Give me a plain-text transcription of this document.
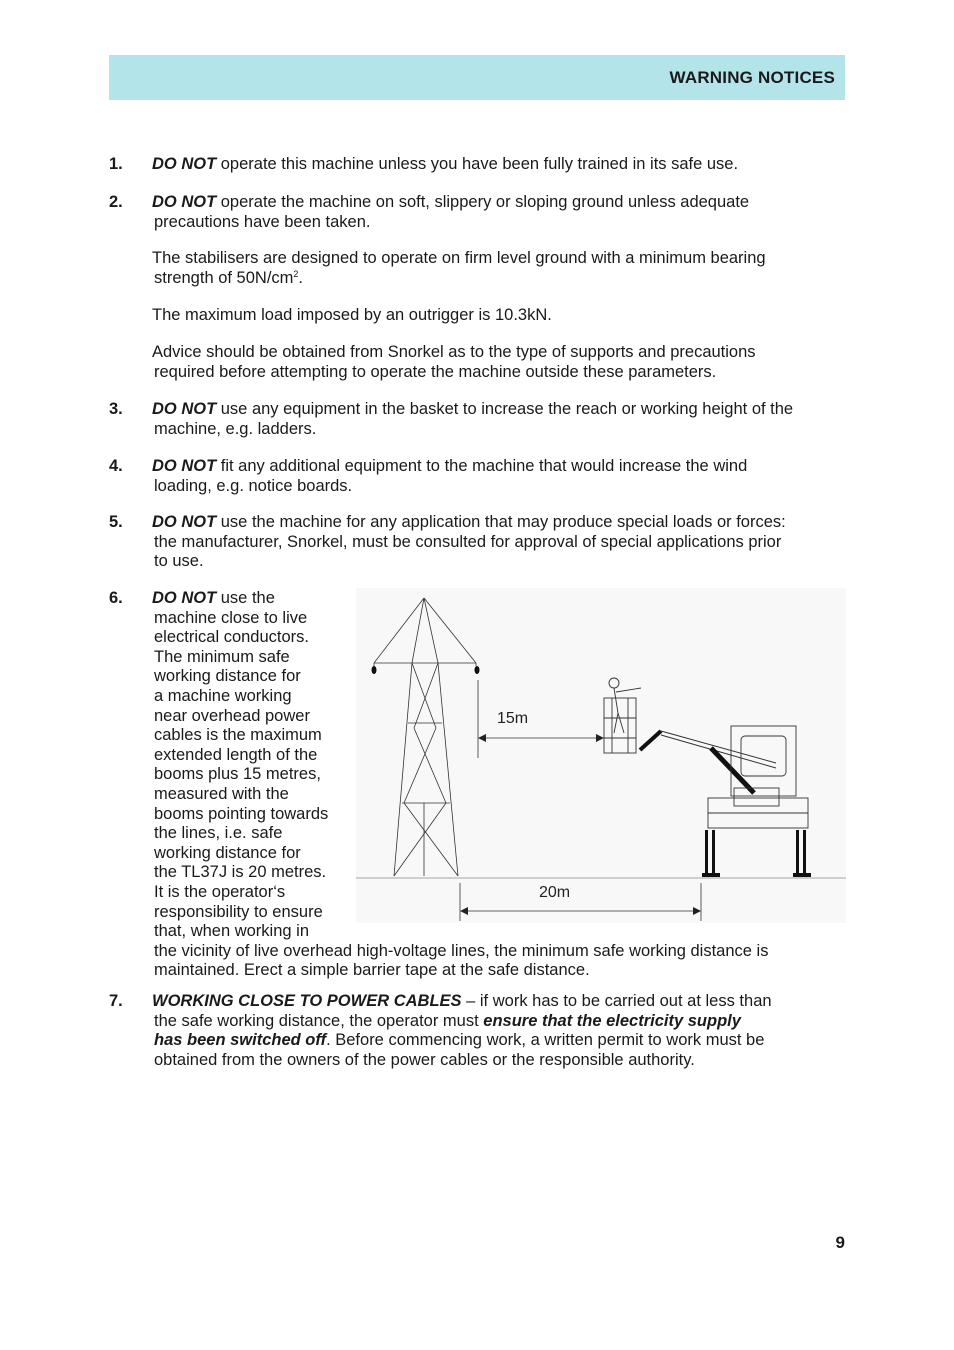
WARNING NOTICES
1. DO NOT operate this machine unless you have been fully trained in its safe use.
2. DO NOT operate the machine on soft, slippery or sloping ground unless adequate
precautions have been taken.
The stabilisers are designed to operate on firm level ground with a minimum bearing
strength of $50N/cm^2$.
The maximum load imposed by an outrigger is 10.3kN.
Advice should be obtained from Snorkel as to the type of supports and precautions
required before attempting to operate the machine outside these parameters.
3. DO NOT use any equipment in the basket to increase the reach or working height of the
machine, e.g. ladders.
4. DO NOT fit any additional equipment to the machine that would increase the wind
loading, e.g. notice boards.
5. DO NOT use the machine for any application that may produce special loads or forces:
the manufacturer, Snorkel, must be consulted for approval of special applications prior
to use.
6. DO NOT use the
machine close to live
electrical conductors.
The minimum safe
working distance for
a machine working
near overhead power
cables is the maximum
extended length of the
booms plus 15 metres,
measured with the
booms pointing towards
the lines, i.e. safe
working distance for
the TL37J is 20 metres.
It is the operator‘s
responsibility to ensure
that, when working in
the vicinity of live overhead high-voltage lines, the minimum safe working distance is
maintained. Erect a simple barrier tape at the safe distance.
15m
20m
7. WORKING CLOSE TO POWER CABLES – if work has to be carried out at less than
the safe working distance, the operator must ensure that the electricity supply
has been switched off. Before commencing work, a written permit to work must be
obtained from the owners of the power cables or the responsible authority.
9
